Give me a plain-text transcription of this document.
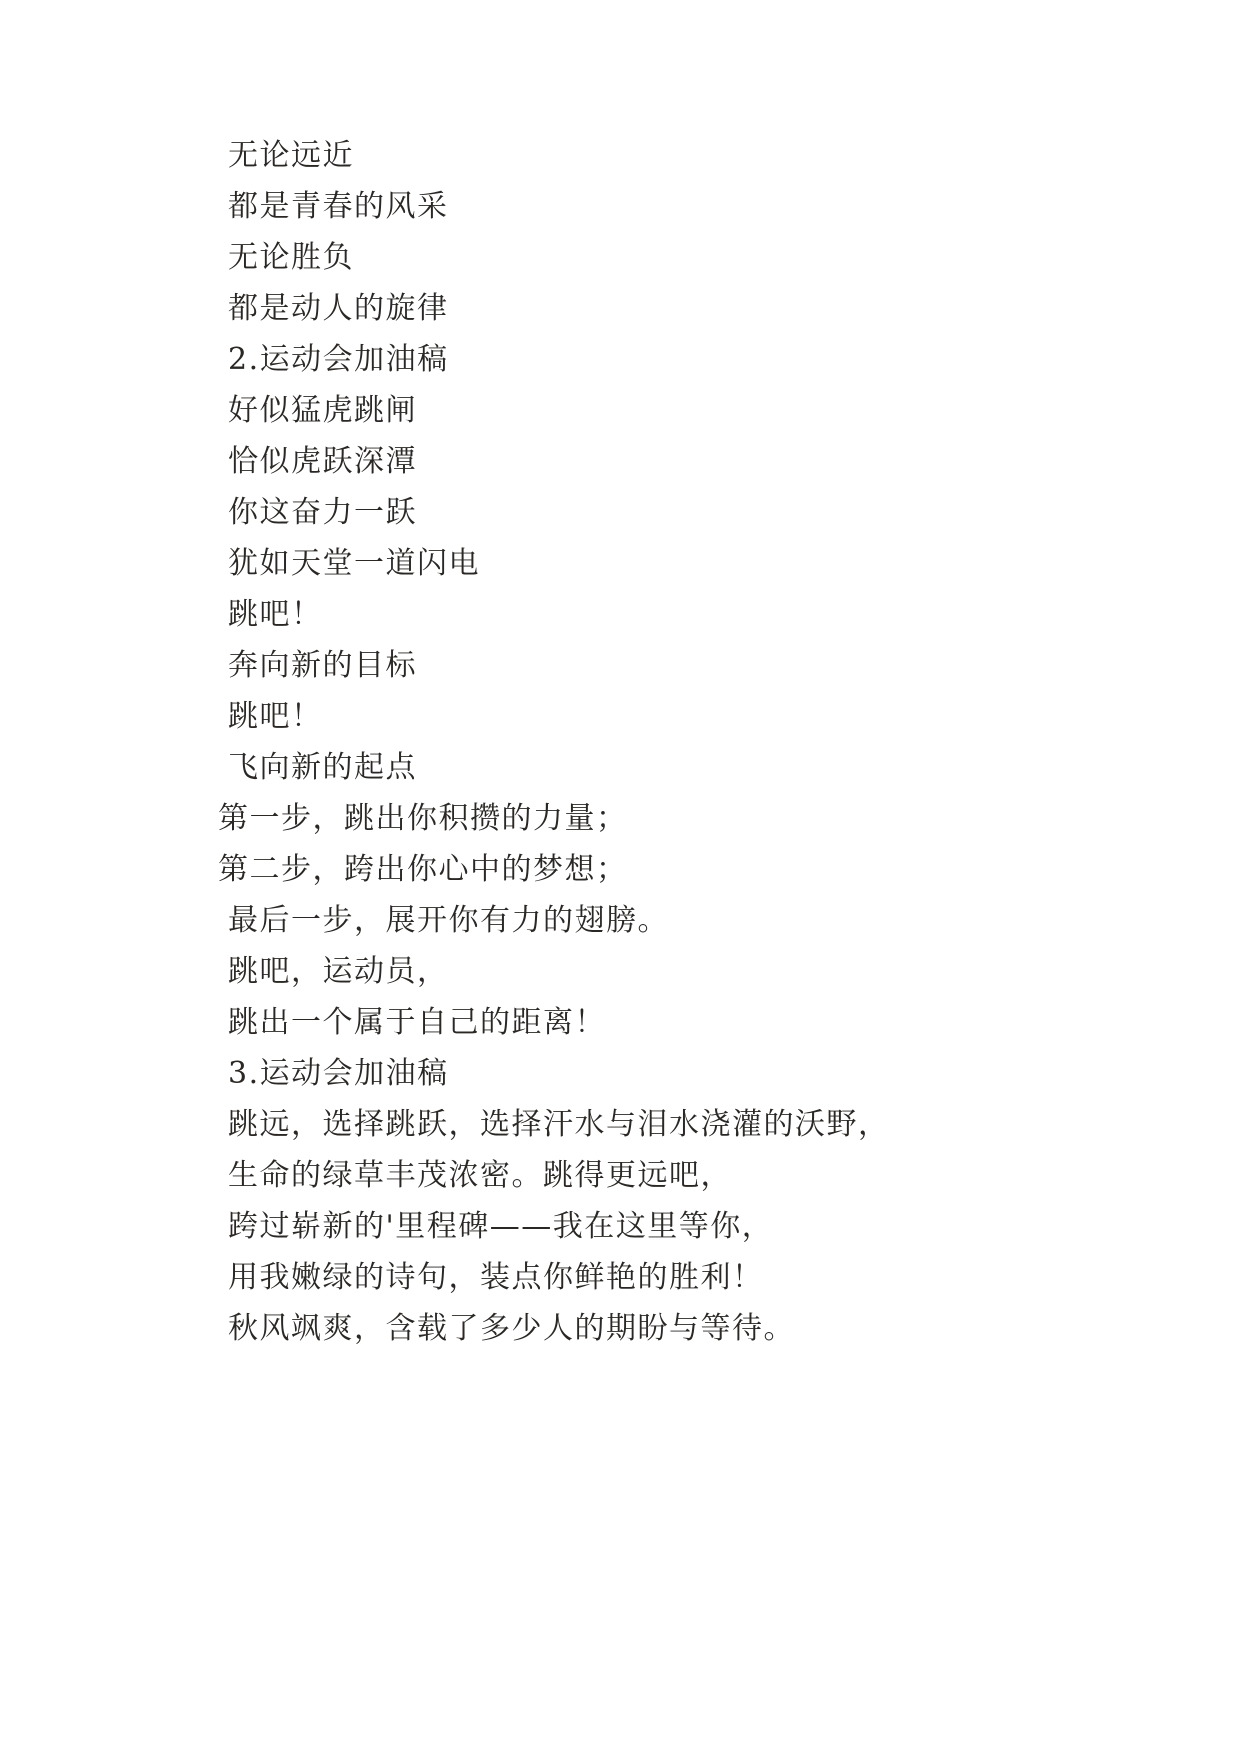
无论远近
都是青春的风采
无论胜负
都是动人的旋律
2.运动会加油稿
好似猛虎跳闸
恰似虎跃深潭
你这奋力一跃
犹如天堂一道闪电
跳吧！
奔向新的目标
跳吧！
飞向新的起点
第一步，跳出你积攒的力量；
第二步，跨出你心中的梦想；
最后一步，展开你有力的翅膀。
跳吧，运动员，
跳出一个属于自己的距离！
3.运动会加油稿
跳远，选择跳跃，选择汗水与泪水浇灌的沃野，
生命的绿草丰茂浓密。跳得更远吧，
跨过崭新的'里程碑——我在这里等你，
用我嫩绿的诗句，装点你鲜艳的胜利！
秋风飒爽，含载了多少人的期盼与等待。
